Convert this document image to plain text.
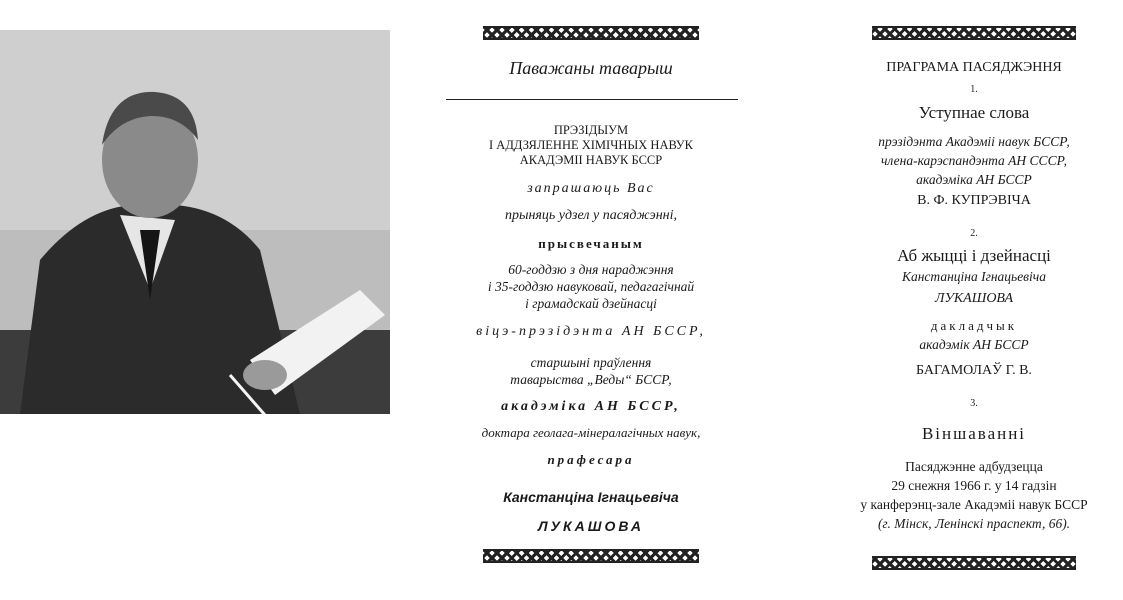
Паважаны таварыш
ПРЭЗІДЫУМ
І АДДЗЯЛЕННЕ ХІМІЧНЫХ НАВУК
АКАДЭМІІ НАВУК БССР
запрашаюць Вас
прыняць удзел у пасяджэнні,
прысвечаным
60-годдзю з дня нараджэння
і 35-годдзю навуковай, педагагічнай
і грамадскай дзейнасці
віцэ-прэзідэнта АН БССР,
старшыні праўлення
таварыства „Веды“ БССР,
акадэміка АН БССР,
доктара геолага-мінералагічных навук,
прафесара
Канстанціна Ігнацьевіча
ЛУКАШОВА
ПРАГРАМА ПАСЯДЖЭННЯ
1.
Уступнае слова
прэзідэнта Акадэміі навук БССР,
члена-карэспандэнта АН СССР,
акадэміка АН БССР
В. Ф. КУПРЭВІЧА
2.
Аб жыцці і дзейнасці
Канстанціна Ігнацьевіча
ЛУКАШОВА
дакладчык
акадэмік АН БССР
БАГАМОЛАЎ Г. В.
3.
Віншаванні
Пасяджэнне адбудзецца
29 снежня 1966 г. у 14 гадзін
у канферэнц-зале Акадэміі навук БССР
(г. Мінск, Ленінскі праспект, 66).
